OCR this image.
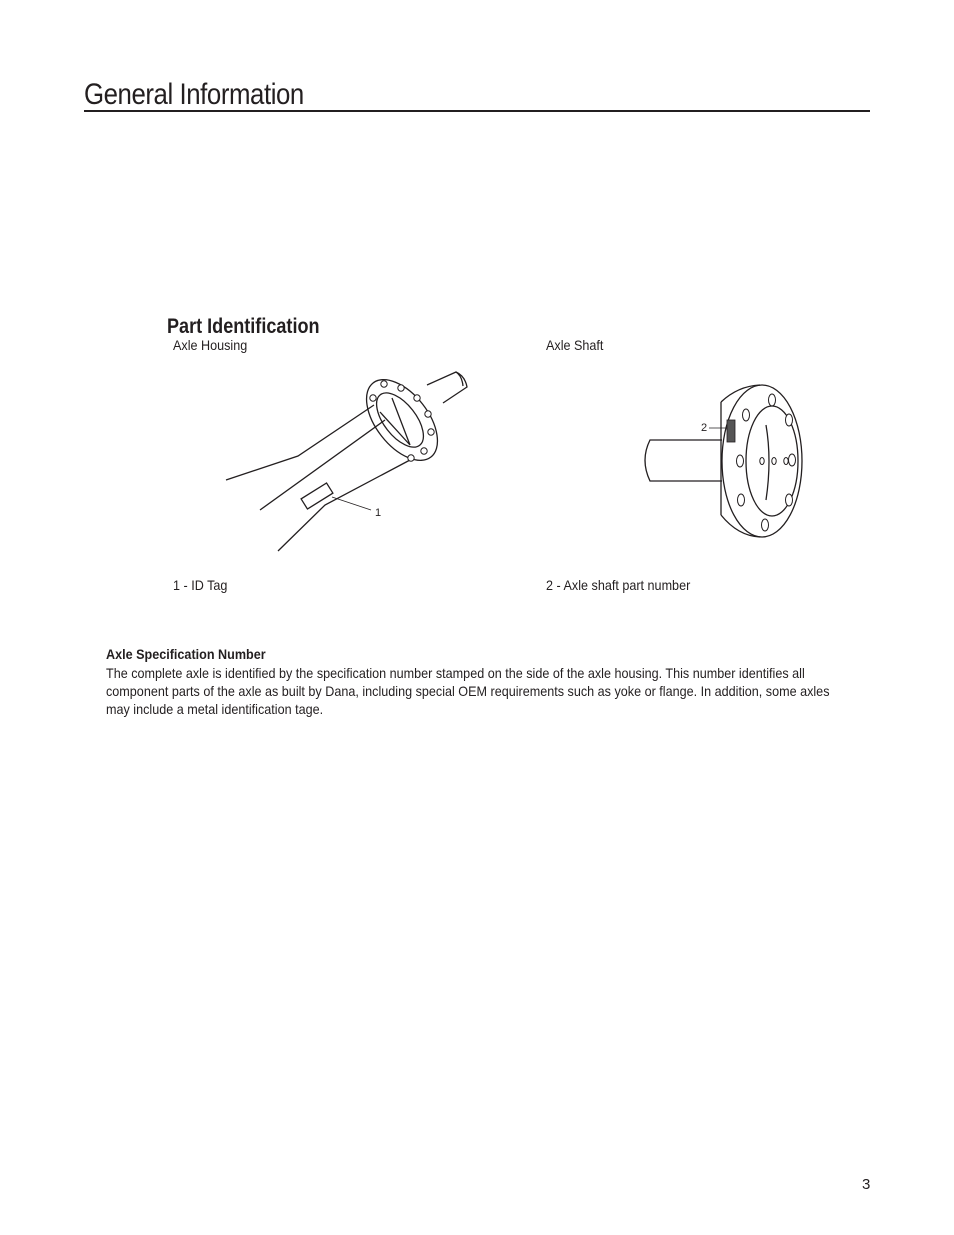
General Information
Part Identification
Axle Housing	Axle Shaft
1
2
1 - ID Tag	2 - Axle shaft part number
Axle Specification Number

The complete axle is identified by the specification number stamped on the side of the axle housing. This number identifies all component parts of the axle as built by Dana, including special OEM requirements such as yoke or flange. In addition, some axles may include a metal identification tage.

3
